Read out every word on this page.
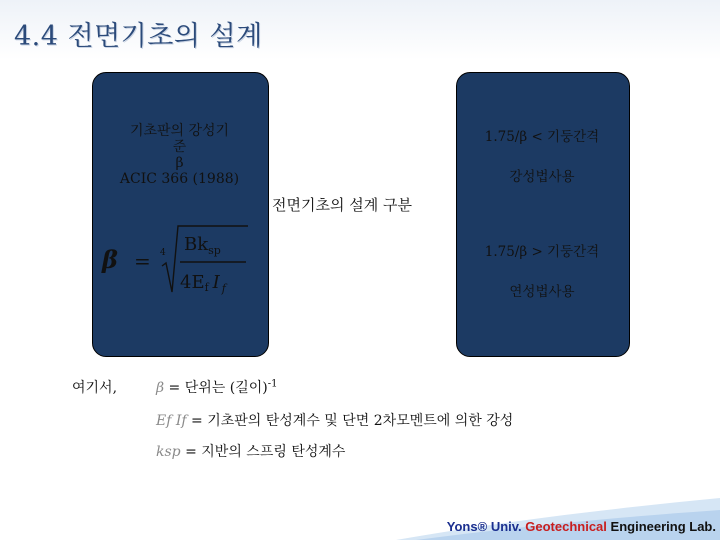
4.4 전면기초의 설계
기초판의 강성기
준
β
ACIC 366 (1988)
β = 4 $Bk_{sp}$
4Ef I $_f$
전면기초의 설계 구분
1.75/β < 기둥간격
강성법사용
1.75/β > 기둥간격
연성법사용
여기서,	β = 단위는 (길이)$^{-1}$
Ef If = 기초판의 탄성계수 및 단면 2차모멘트에 의한 강성
ksp = 지반의 스프링 탄성계수
Yons® Univ. Geotechnical Engineering Lab.
